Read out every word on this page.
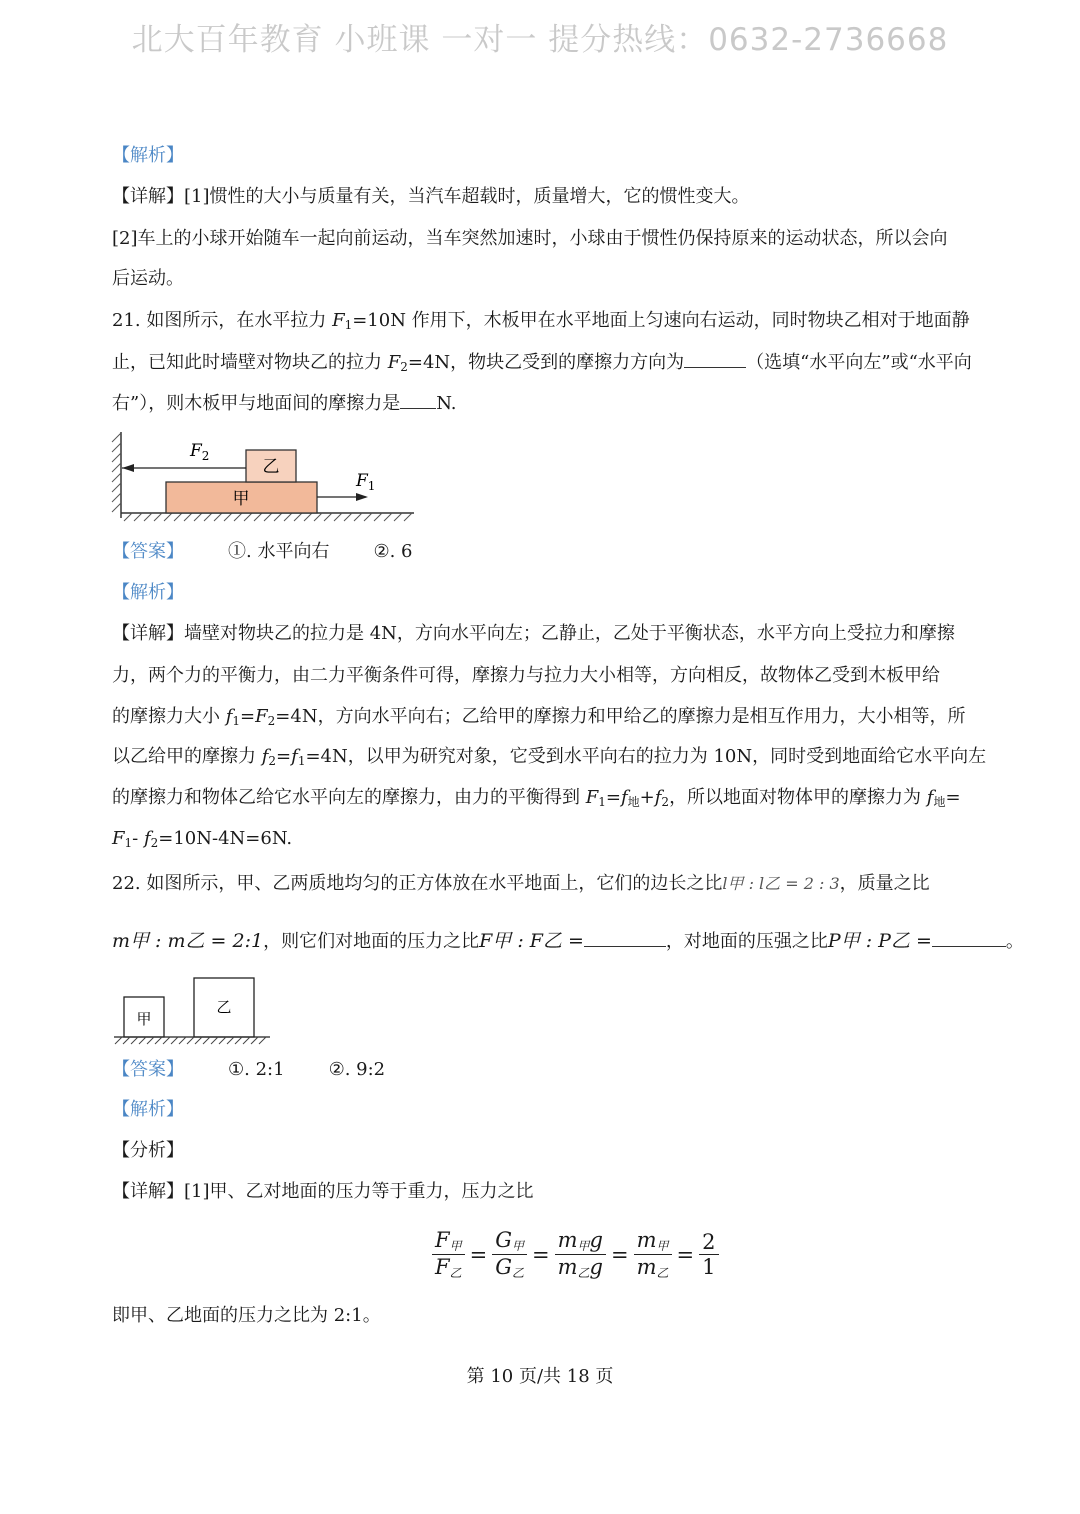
北大百年教育 小班课 一对一 提分热线：0632-2736668
【解析】
【详解】[1]惯性的大小与质量有关，当汽车超载时，质量增大，它的惯性变大。
[2]车上的小球开始随车一起向前运动，当车突然加速时，小球由于惯性仍保持原来的运动状态，所以会向
后运动。
21. 如图所示，在水平拉力 $F_1=10N$ 作用下，木板甲在水平地面上匀速向右运动，同时物块乙相对于地面静
止，已知此时墙壁对物块乙的拉力 $F_2=4N$，物块乙受到的摩擦力方向为	（选填“水平向左”或“水平向
右”），则木板甲与地面间的摩擦力是 N.
甲
乙
$F_2$
$F_1$
【答案】 ①. 水平向右 ②. 6
【解析】
【详解】墙壁对物块乙的拉力是 4N，方向水平向左；乙静止，乙处于平衡状态，水平方向上受拉力和摩擦
力，两个力的平衡力，由二力平衡条件可得，摩擦力与拉力大小相等，方向相反，故物体乙受到木板甲给
的摩擦力大小 $f_1=F_2=4N$，方向水平向右；乙给甲的摩擦力和甲给乙的摩擦力是相互作用力，大小相等，所
以乙给甲的摩擦力 $f_2=f_1=4N$，以甲为研究对象，它受到水平向右的拉力为 10N，同时受到地面给它水平向左
的摩擦力和物体乙给它水平向左的摩擦力，由力的平衡得到 $F_1=f_地+f_2$，所以地面对物体甲的摩擦力为 $f_地=$
$F_1-$ $f_2=10N-4N=6N$.
22. 如图所示，甲、乙两质地均匀的正方体放在水平地面上，它们的边长之比l甲 : l乙 = 2 : 3，质量之比
m甲 : m乙 = 2:1，则它们对地面的压力之比F甲 : F乙 =	，对地面的压强之比P甲 : P乙 =	。
甲
乙
【答案】 ①. 2:1 ②. 9:2
【解析】
【分析】
【详解】[1]甲、乙对地面的压力等于重力，压力之比
$\frac{F_甲}{F_乙} = \frac{G_甲}{G_乙} = \frac{m_甲g}{m_乙g} = \frac{m_甲}{m_乙} = \frac{2}{1}$
即甲、乙地面的压力之比为 2:1。
第 10 页/共 18 页
